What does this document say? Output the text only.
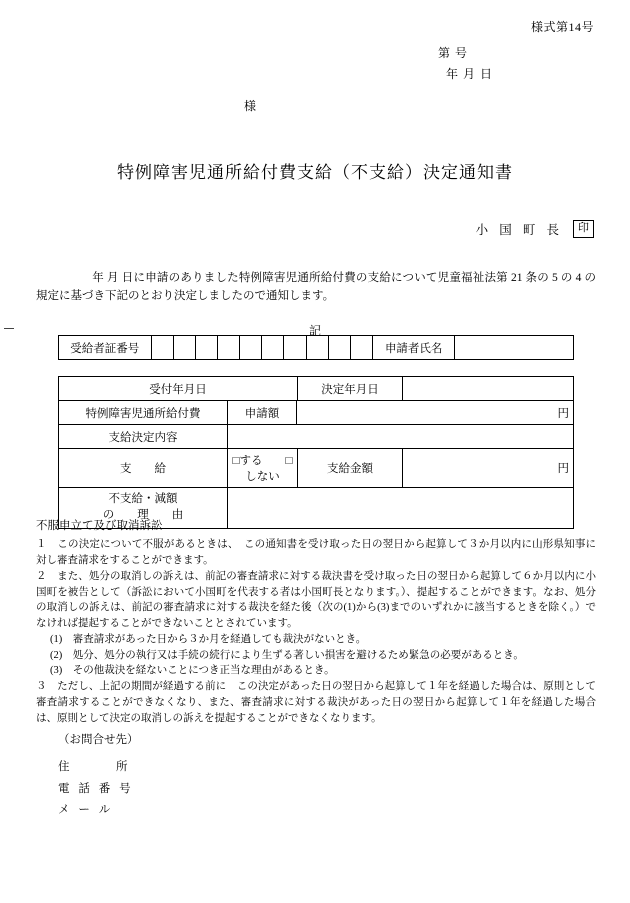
様式第14号
第 号
年 月 日
様
特例障害児通所給付費支給（不支給）決定通知書
小 国 町 長	印
年 月 日に申請のありました特例障害児通所給付費の支給について児童福祉法第 21 条の 5 の 4 の規定に基づき下記のとおり決定しましたので通知します。
記
受給者証番号											申請者氏名	
受付年月日		決定年月日	
特例障害児通所給付費	申請額	円	
支給決定内容			
支　　給	□する　　□しない	支給金額	円

不支給・減額
の　　理　　由			

不服申立て及び取消訴訟

１　この決定について不服があるときは、　この通知書を受け取った日の翌日から起算して３か月以内に山形県知事に対し審査請求をすることができます。

２　また、処分の取消しの訴えは、前記の審査請求に対する裁決書を受け取った日の翌日から起算して６か月以内に小国町を被告として（訴訟において小国町を代表する者は小国町長となります。）、提起することができます。なお、処分の取消しの訴えは、前記の審査請求に対する裁決を経た後（次の(1)から(3)までのいずれかに該当するときを除く。）でなければ提起することができないこととされています。

(1)　審査請求があった日から３か月を経過しても裁決がないとき。

(2)　処分、処分の執行又は手続の続行により生ずる著しい損害を避けるため緊急の必要があるとき。

(3)　その他裁決を経ないことにつき正当な理由があるとき。

３　ただし、上記の期間が経過する前に　この決定があった日の翌日から起算して１年を経過した場合は、原則として審査請求することができなくなり、また、審査請求に対する裁決があった日の翌日から起算して１年を経過した場合は、原則として決定の取消しの訴えを提起することができなくなります。

（お問合せ先）
住　　　所
電 話 番 号
メ ー ル
